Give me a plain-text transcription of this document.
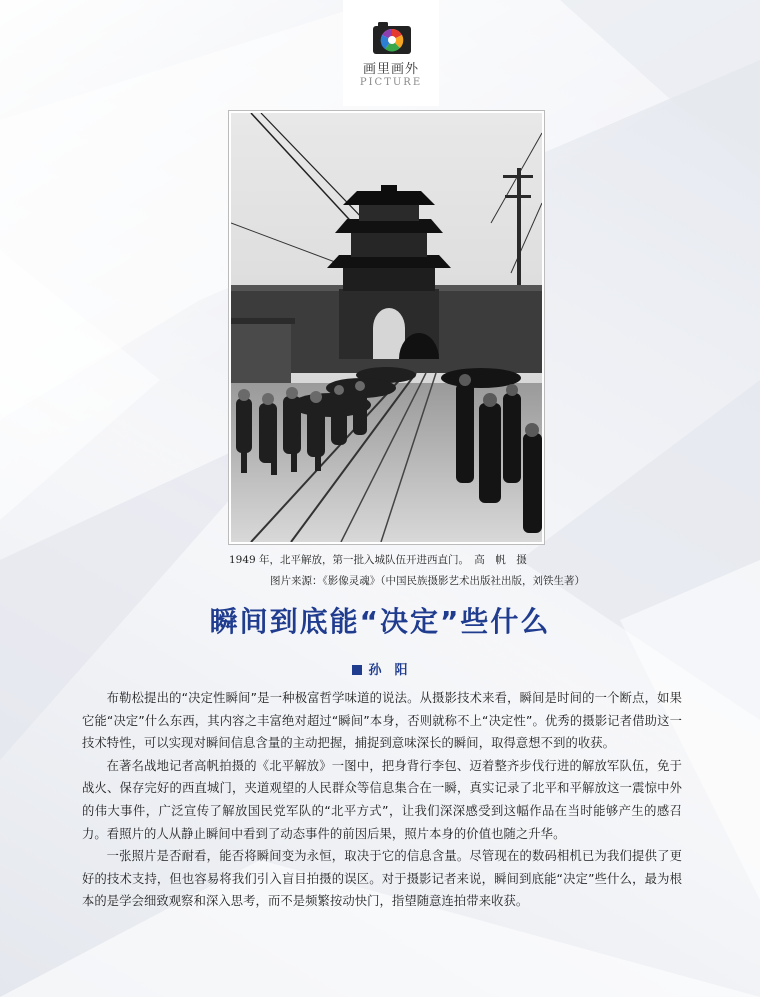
画里画外
PICTURE
1949 年，北平解放，第一批入城队伍开进西直门。　高　帆　摄
图片来源：《影像灵魂》（中国民族摄影艺术出版社出版，刘铁生著）
瞬间到底能“决定”些什么
孙　阳

布勒松提出的“决定性瞬间”是一种极富哲学味道的说法。从摄影技术来看，瞬间是时间的一个断点，如果它能“决定”什么东西，其内容之丰富绝对超过“瞬间”本身，否则就称不上“决定性”。优秀的摄影记者借助这一技术特性，可以实现对瞬间信息含量的主动把握，捕捉到意味深长的瞬间，取得意想不到的收获。

在著名战地记者高帆拍摄的《北平解放》一图中，把身背行李包、迈着整齐步伐行进的解放军队伍，免于战火、保存完好的西直城门，夹道观望的人民群众等信息集合在一瞬，真实记录了北平和平解放这一震惊中外的伟大事件，广泛宣传了解放国民党军队的“北平方式”，让我们深深感受到这幅作品在当时能够产生的感召力。看照片的人从静止瞬间中看到了动态事件的前因后果，照片本身的价值也随之升华。

一张照片是否耐看，能否将瞬间变为永恒，取决于它的信息含量。尽管现在的数码相机已为我们提供了更好的技术支持，但也容易将我们引入盲目拍摄的误区。对于摄影记者来说，瞬间到底能“决定”些什么，最为根本的是学会细致观察和深入思考，而不是频繁按动快门，指望随意连拍带来收获。
